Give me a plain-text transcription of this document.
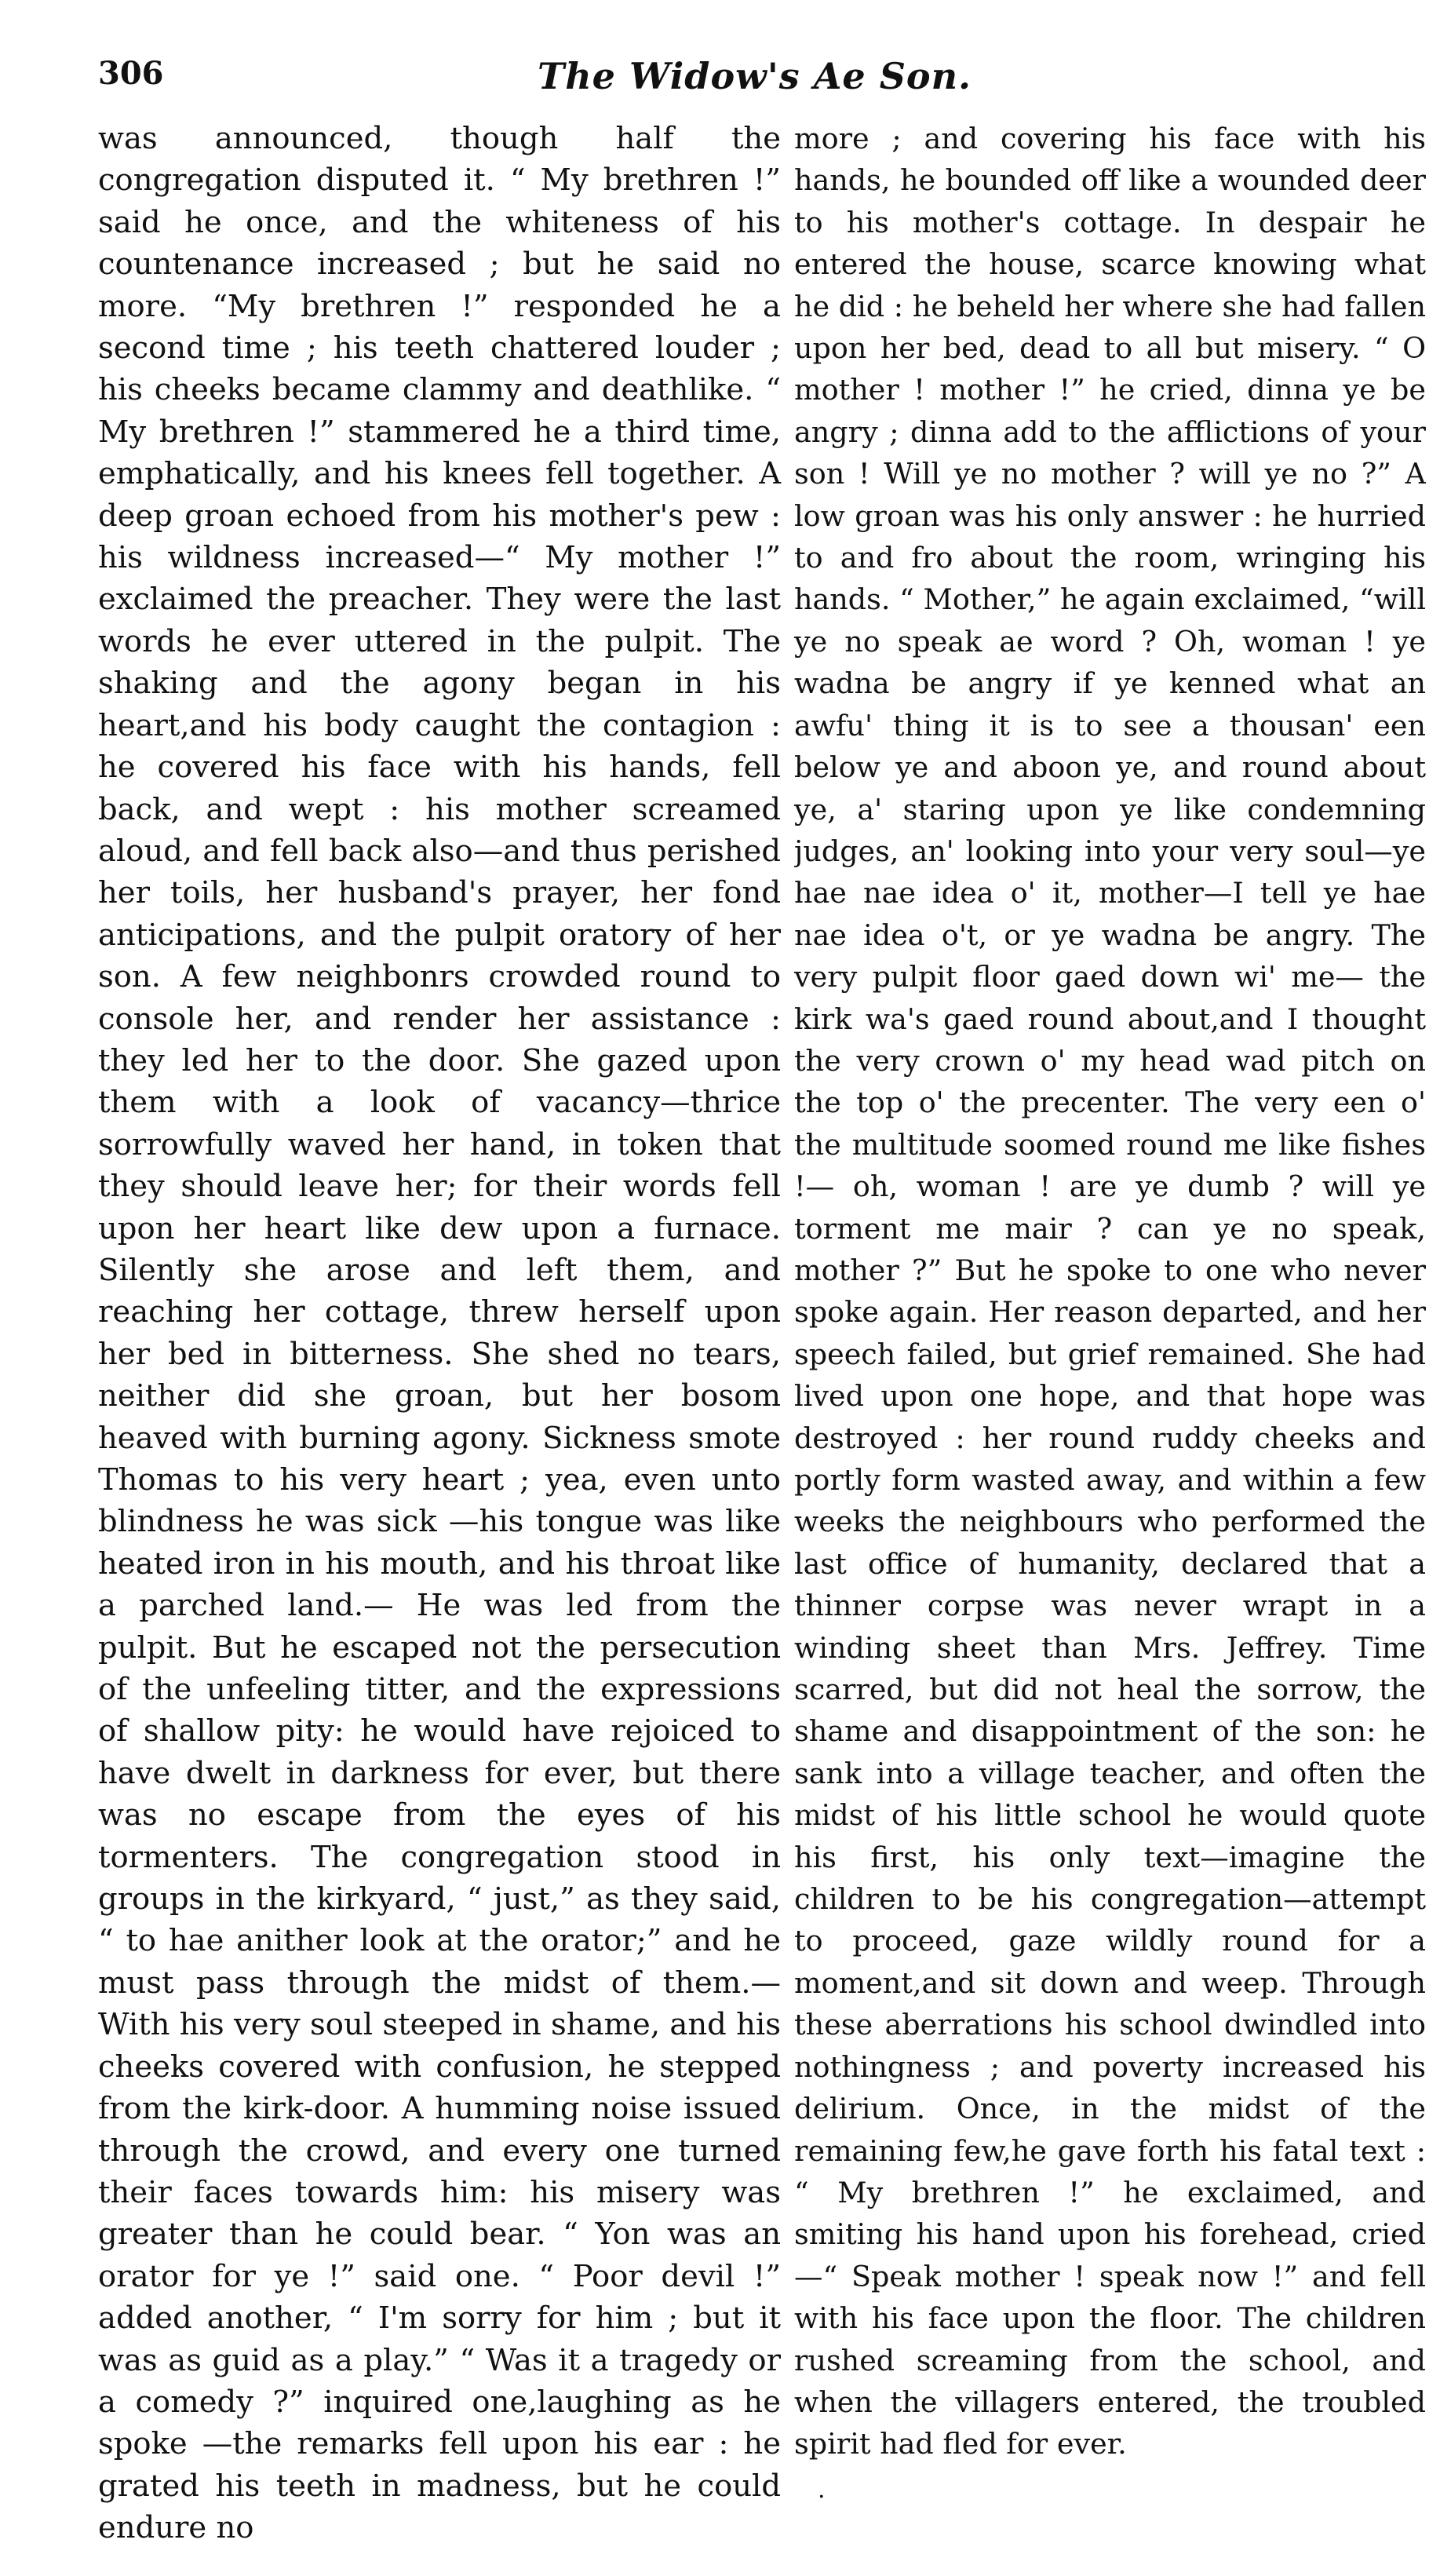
306	The Widow's Ae Son.

was announced, though half the congregation disputed it. “ My brethren !” said he once, and the whiteness of his countenance increased ; but he said no more. “My brethren !” responded he a second time ; his teeth chattered louder ; his cheeks became clammy and deathlike. “ My brethren !” stammered he a third time, emphatically, and his knees fell together. A deep groan echoed from his mother's pew : his wildness increased—“ My mother !” exclaimed the preacher. They were the last words he ever uttered in the pulpit. The shaking and the agony began in his heart,and his body caught the contagion : he covered his face with his hands, fell back, and wept : his mother screamed aloud, and fell back also—and thus perished her toils, her husband's prayer, her fond anticipations, and the pulpit oratory of her son. A few neighbonrs crowded round to console her, and render her assistance : they led her to the door. She gazed upon them with a look of vacancy—thrice sorrowfully waved her hand, in token that they should leave her; for their words fell upon her heart like dew upon a furnace. Silently she arose and left them, and reaching her cottage, threw herself upon her bed in bitterness. She shed no tears, neither did she groan, but her bosom heaved with burning agony. Sickness smote Thomas to his very heart ; yea, even unto blindness he was sick —his tongue was like heated iron in his mouth, and his throat like a parched land.— He was led from the pulpit. But he escaped not the persecution of the unfeeling titter, and the expressions of shallow pity: he would have rejoiced to have dwelt in darkness for ever, but there was no escape from the eyes of his tormenters. The congregation stood in groups in the kirkyard, “ just,” as they said, “ to hae anither look at the orator;” and he must pass through the midst of them.— With his very soul steeped in shame, and his cheeks covered with confusion, he stepped from the kirk-door. A humming noise issued through the crowd, and every one turned their faces towards him: his misery was greater than he could bear. “ Yon was an orator for ye !” said one. “ Poor devil !” added another, “ I'm sorry for him ; but it was as guid as a play.” “ Was it a tragedy or a comedy ?” inquired one,laughing as he spoke —the remarks fell upon his ear : he grated his teeth in madness, but he could endure no

more ; and covering his face with his hands, he bounded off like a wounded deer to his mother's cottage. In despair he entered the house, scarce knowing what he did : he beheld her where she had fallen upon her bed, dead to all but misery. “ O mother ! mother !” he cried, dinna ye be angry ; dinna add to the afflictions of your son ! Will ye no mother ? will ye no ?” A low groan was his only answer : he hurried to and fro about the room, wringing his hands. “ Mother,” he again exclaimed, “will ye no speak ae word ? Oh, woman ! ye wadna be angry if ye kenned what an awfu' thing it is to see a thousan' een below ye and aboon ye, and round about ye, a' staring upon ye like condemning judges, an' looking into your very soul—ye hae nae idea o' it, mother—I tell ye hae nae idea o't, or ye wadna be angry. The very pulpit floor gaed down wi' me— the kirk wa's gaed round about,and I thought the very crown o' my head wad pitch on the top o' the precenter. The very een o' the multitude soomed round me like fishes !— oh, woman ! are ye dumb ? will ye torment me mair ? can ye no speak, mother ?” But he spoke to one who never spoke again. Her reason departed, and her speech failed, but grief remained. She had lived upon one hope, and that hope was destroyed : her round ruddy cheeks and portly form wasted away, and within a few weeks the neighbours who performed the last office of humanity, declared that a thinner corpse was never wrapt in a winding sheet than Mrs. Jeffrey. Time scarred, but did not heal the sorrow, the shame and disappointment of the son: he sank into a village teacher, and often the midst of his little school he would quote his first, his only text—imagine the children to be his congregation—attempt to proceed, gaze wildly round for a moment,and sit down and weep. Through these aberrations his school dwindled into nothingness ; and poverty increased his delirium. Once, in the midst of the remaining few,he gave forth his fatal text : “ My brethren !” he exclaimed, and smiting his hand upon his forehead, cried —“ Speak mother ! speak now !” and fell with his face upon the floor. The children rushed screaming from the school, and when the villagers entered, the troubled spirit had fled for ever.

.
